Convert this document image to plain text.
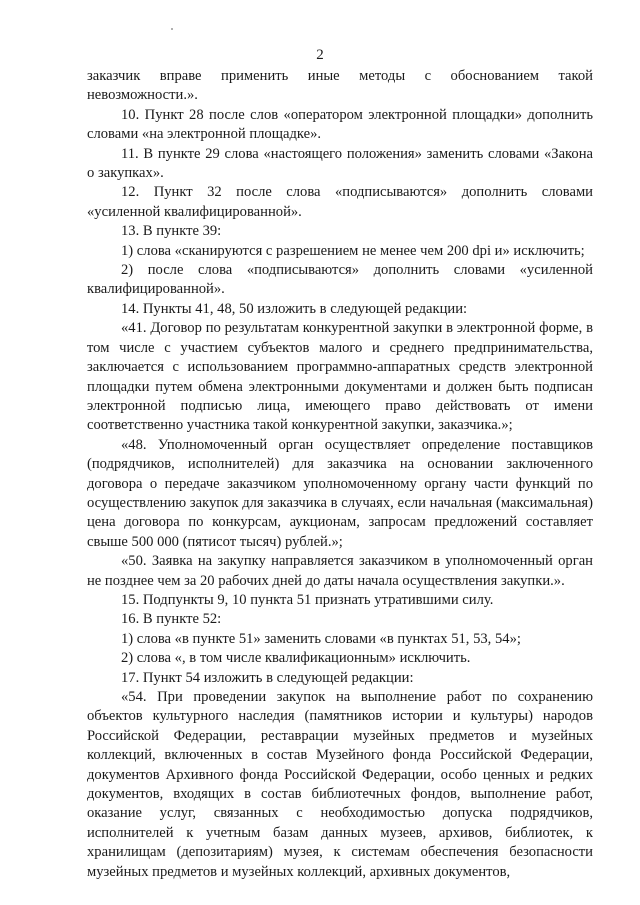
2

заказчик вправе применить иные методы с обоснованием такой невозможности.».

10. Пункт 28 после слов «оператором электронной площадки» дополнить словами «на электронной площадке».

11. В пункте 29 слова «настоящего положения» заменить словами «Закона о закупках».

12. Пункт 32 после слова «подписываются» дополнить словами «усиленной квалифицированной».

13. В пункте 39:

1) слова «сканируются с разрешением не менее чем 200 dpi и» исключить;

2) после слова «подписываются» дополнить словами «усиленной квалифицированной».

14. Пункты 41, 48, 50 изложить в следующей редакции:

«41. Договор по результатам конкурентной закупки в электронной форме, в том числе с участием субъектов малого и среднего предпринимательства, заключается с использованием программно-аппаратных средств электронной площадки путем обмена электронными документами и должен быть подписан электронной подписью лица, имеющего право действовать от имени соответственно участника такой конкурентной закупки, заказчика.»;

«48. Уполномоченный орган осуществляет определение поставщиков (подрядчиков, исполнителей) для заказчика на основании заключенного договора о передаче заказчиком уполномоченному органу части функций по осуществлению закупок для заказчика в случаях, если начальная (максимальная) цена договора по конкурсам, аукционам, запросам предложений составляет свыше 500 000 (пятисот тысяч) рублей.»;

«50. Заявка на закупку направляется заказчиком в уполномоченный орган не позднее чем за 20 рабочих дней до даты начала осуществления закупки.».

15. Подпункты 9, 10 пункта 51 признать утратившими силу.

16. В пункте 52:

1) слова «в пункте 51» заменить словами «в пунктах 51, 53, 54»;

2) слова «, в том числе квалификационным» исключить.

17. Пункт 54 изложить в следующей редакции:

«54. При проведении закупок на выполнение работ по сохранению объектов культурного наследия (памятников истории и культуры) народов Российской Федерации, реставрации музейных предметов и музейных коллекций, включенных в состав Музейного фонда Российской Федерации, документов Архивного фонда Российской Федерации, особо ценных и редких документов, входящих в состав библиотечных фондов, выполнение работ, оказание услуг, связанных с необходимостью допуска подрядчиков, исполнителей к учетным базам данных музеев, архивов, библиотек, к хранилищам (депозитариям) музея, к системам обеспечения безопасности музейных предметов и музейных коллекций, архивных документов,
